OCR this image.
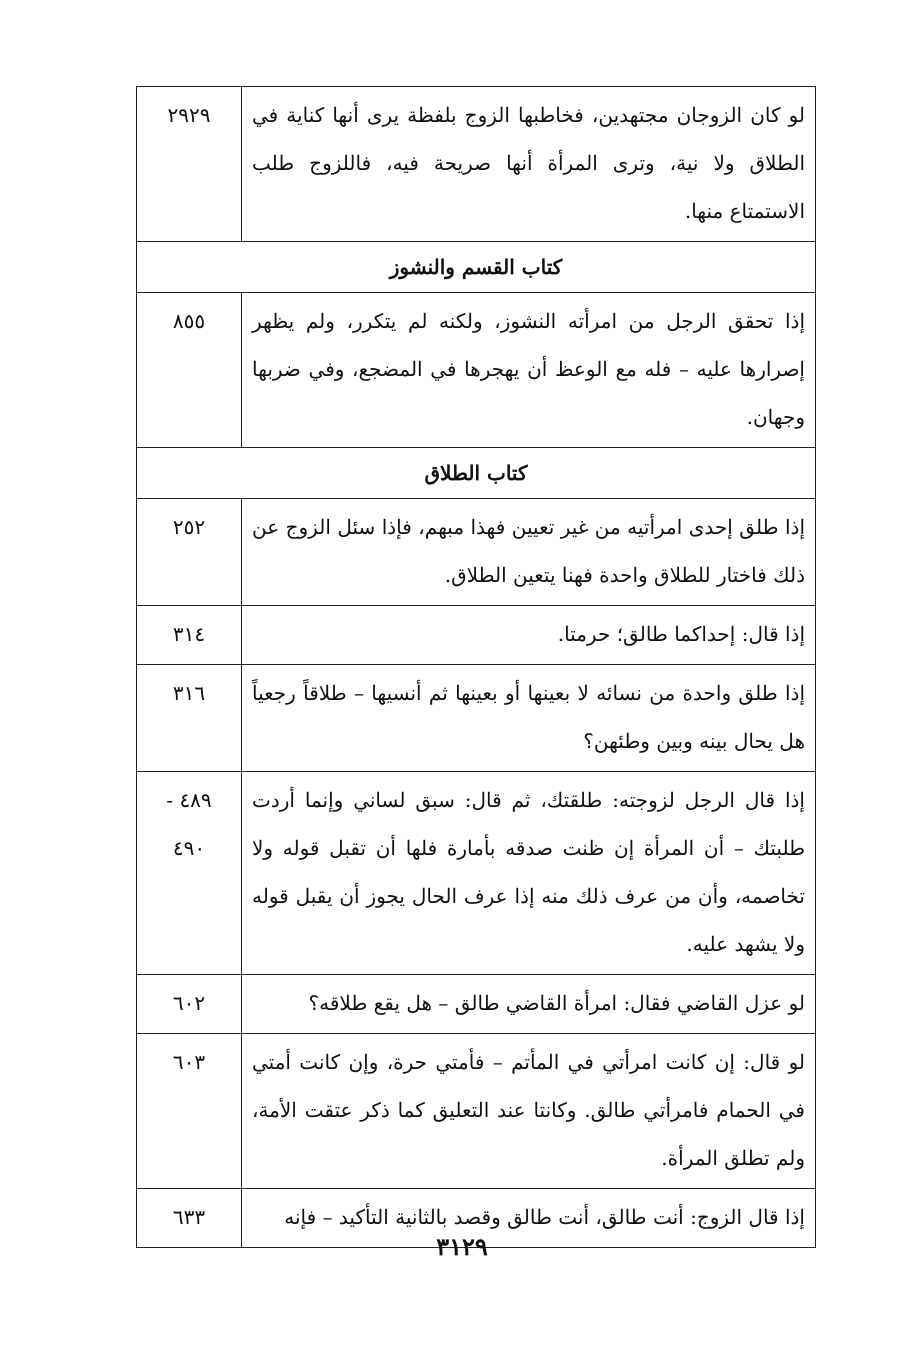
لو كان الزوجان مجتهدين، فخاطبها الزوج بلفظة يرى أنها كناية في الطلاق ولا نية، وترى المرأة أنها صريحة فيه، فاللزوج طلب الاستمتاع منها.
٢٩٢٩
كتاب القسم والنشوز
إذا تحقق الرجل من امرأته النشوز، ولكنه لم يتكرر، ولم يظهر إصرارها عليه – فله مع الوعظ أن يهجرها في المضجع، وفي ضربها وجهان.
٨٥٥
كتاب الطلاق
إذا طلق إحدى امرأتيه من غير تعيين فهذا مبهم، فإذا سئل الزوج عن ذلك فاختار للطلاق واحدة فهنا يتعين الطلاق.
٢٥٢
إذا قال: إحداكما طالق؛ حرمتا.
٣١٤
إذا طلق واحدة من نسائه لا بعينها أو بعينها ثم أنسيها – طلاقاً رجعياً هل يحال بينه وبين وطئهن؟
٣١٦
إذا قال الرجل لزوجته: طلقتك، ثم قال: سبق لساني وإنما أردت طلبتك – أن المرأة إن ظنت صدقه بأمارة فلها أن تقبل قوله ولا تخاصمه، وأن من عرف ذلك منه إذا عرف الحال يجوز أن يقبل قوله ولا يشهد عليه.
٤٨٩ -
٤٩٠
لو عزل القاضي فقال: امرأة القاضي طالق – هل يقع طلاقه؟
٦٠٢
لو قال: إن كانت امرأتي في المأتم – فأمتي حرة، وإن كانت أمتي في الحمام فامرأتي طالق. وكانتا عند التعليق كما ذكر عتقت الأمة، ولم تطلق المرأة.
٦٠٣
إذا قال الزوج: أنت طالق، أنت طالق وقصد بالثانية التأكيد – فإنه
٦٣٣
٣١٢٩
